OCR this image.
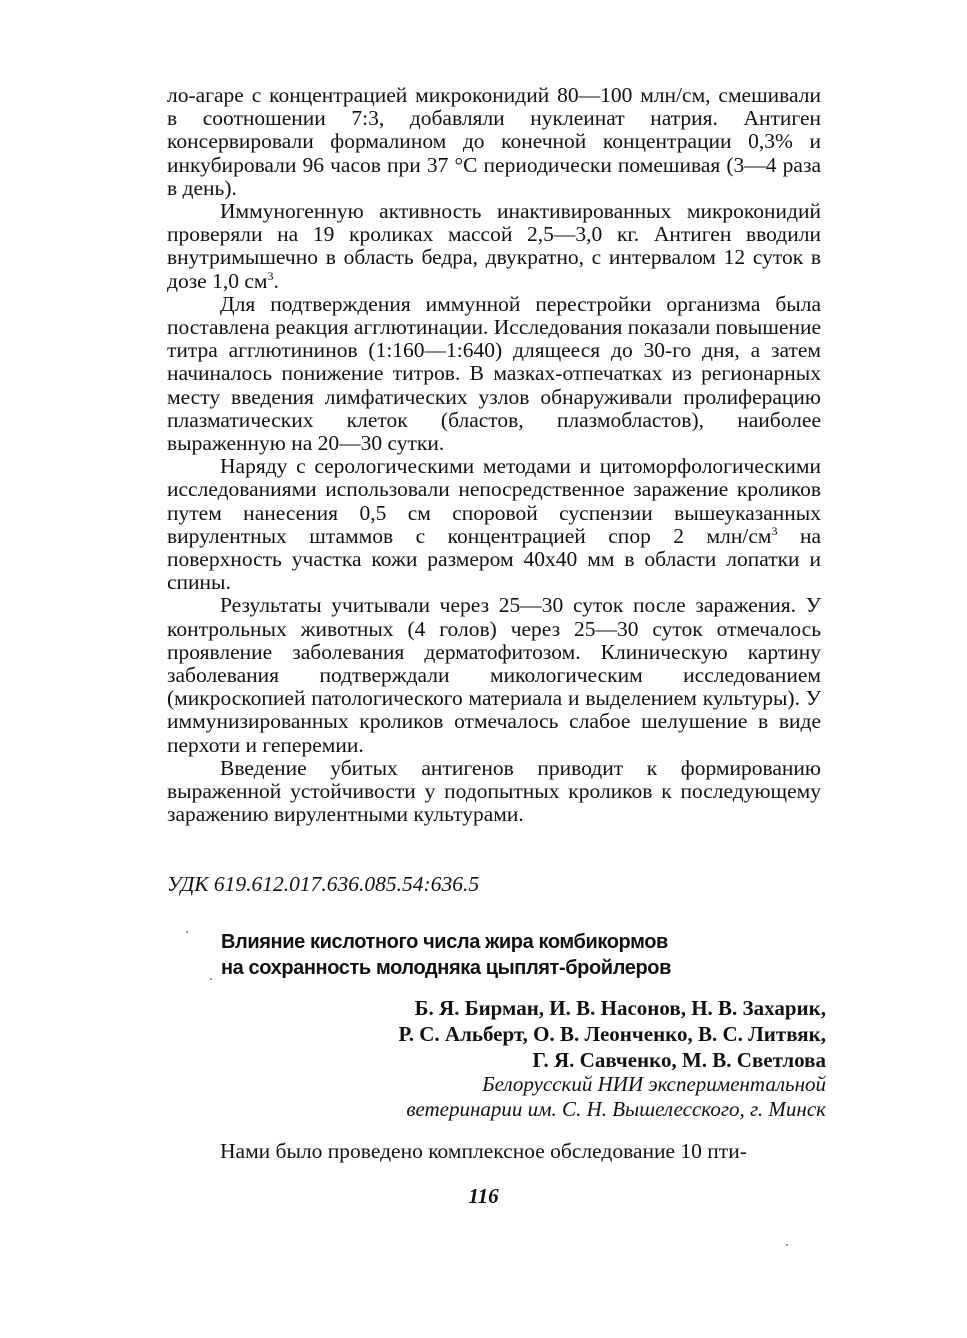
ло-агаре с концентрацией микроконидий 80—100 млн/см, смешивали в соотношении 7:3, добавляли нуклеинат натрия. Антиген консервировали формалином до конечной концентрации 0,3% и инкубировали 96 часов при 37 °С периодически помешивая (3—4 раза в день).

Иммуногенную активность инактивированных микроконидий проверяли на 19 кроликах массой 2,5—3,0 кг. Антиген вводили внутримышечно в область бедра, двукратно, с интервалом 12 суток в дозе 1,0 $см^3$.

Для подтверждения иммунной перестройки организма была поставлена реакция агглютинации. Исследования показали повышение титра агглютининов (1:160—1:640) длящееся до 30-го дня, а затем начиналось понижение титров. В мазках-отпечатках из регионарных месту введения лимфатических узлов обнаруживали пролиферацию плазматических клеток (бластов, плазмобластов), наиболее выраженную на 20—30 сутки.

Наряду с серологическими методами и цитоморфологическими исследованиями использовали непосредственное заражение кроликов путем нанесения 0,5 см споровой суспензии вышеуказанных вирулентных штаммов с концентрацией спор 2 млн/$см^3$ на поверхность участка кожи размером 40х40 мм в области лопатки и спины.

Результаты учитывали через 25—30 суток после заражения. У контрольных животных (4 голов) через 25—30 суток отмечалось проявление заболевания дерматофитозом. Клиническую картину заболевания подтверждали микологическим исследованием (микроскопией патологического материала и выделением культуры). У иммунизированных кроликов отмечалось слабое шелушение в виде перхоти и геперемии.

Введение убитых антигенов приводит к формированию выраженной устойчивости у подопытных кроликов к последующему заражению вирулентными культурами.

УДК 619.612.017.636.085.54:636.5
Влияние кислотного числа жира комбикормов
на сохранность молодняка цыплят-бройлеров
Б. Я. Бирман, И. В. Насонов, Н. В. Захарик,
Р. С. Альберт, О. В. Леонченко, В. С. Литвяк,
Г. Я. Савченко, М. В. Светлова
Белорусский НИИ экспериментальной
ветеринарии им. С. Н. Вышелесского, г. Минск
Нами было проведено комплексное обследование 10 пти-
116
